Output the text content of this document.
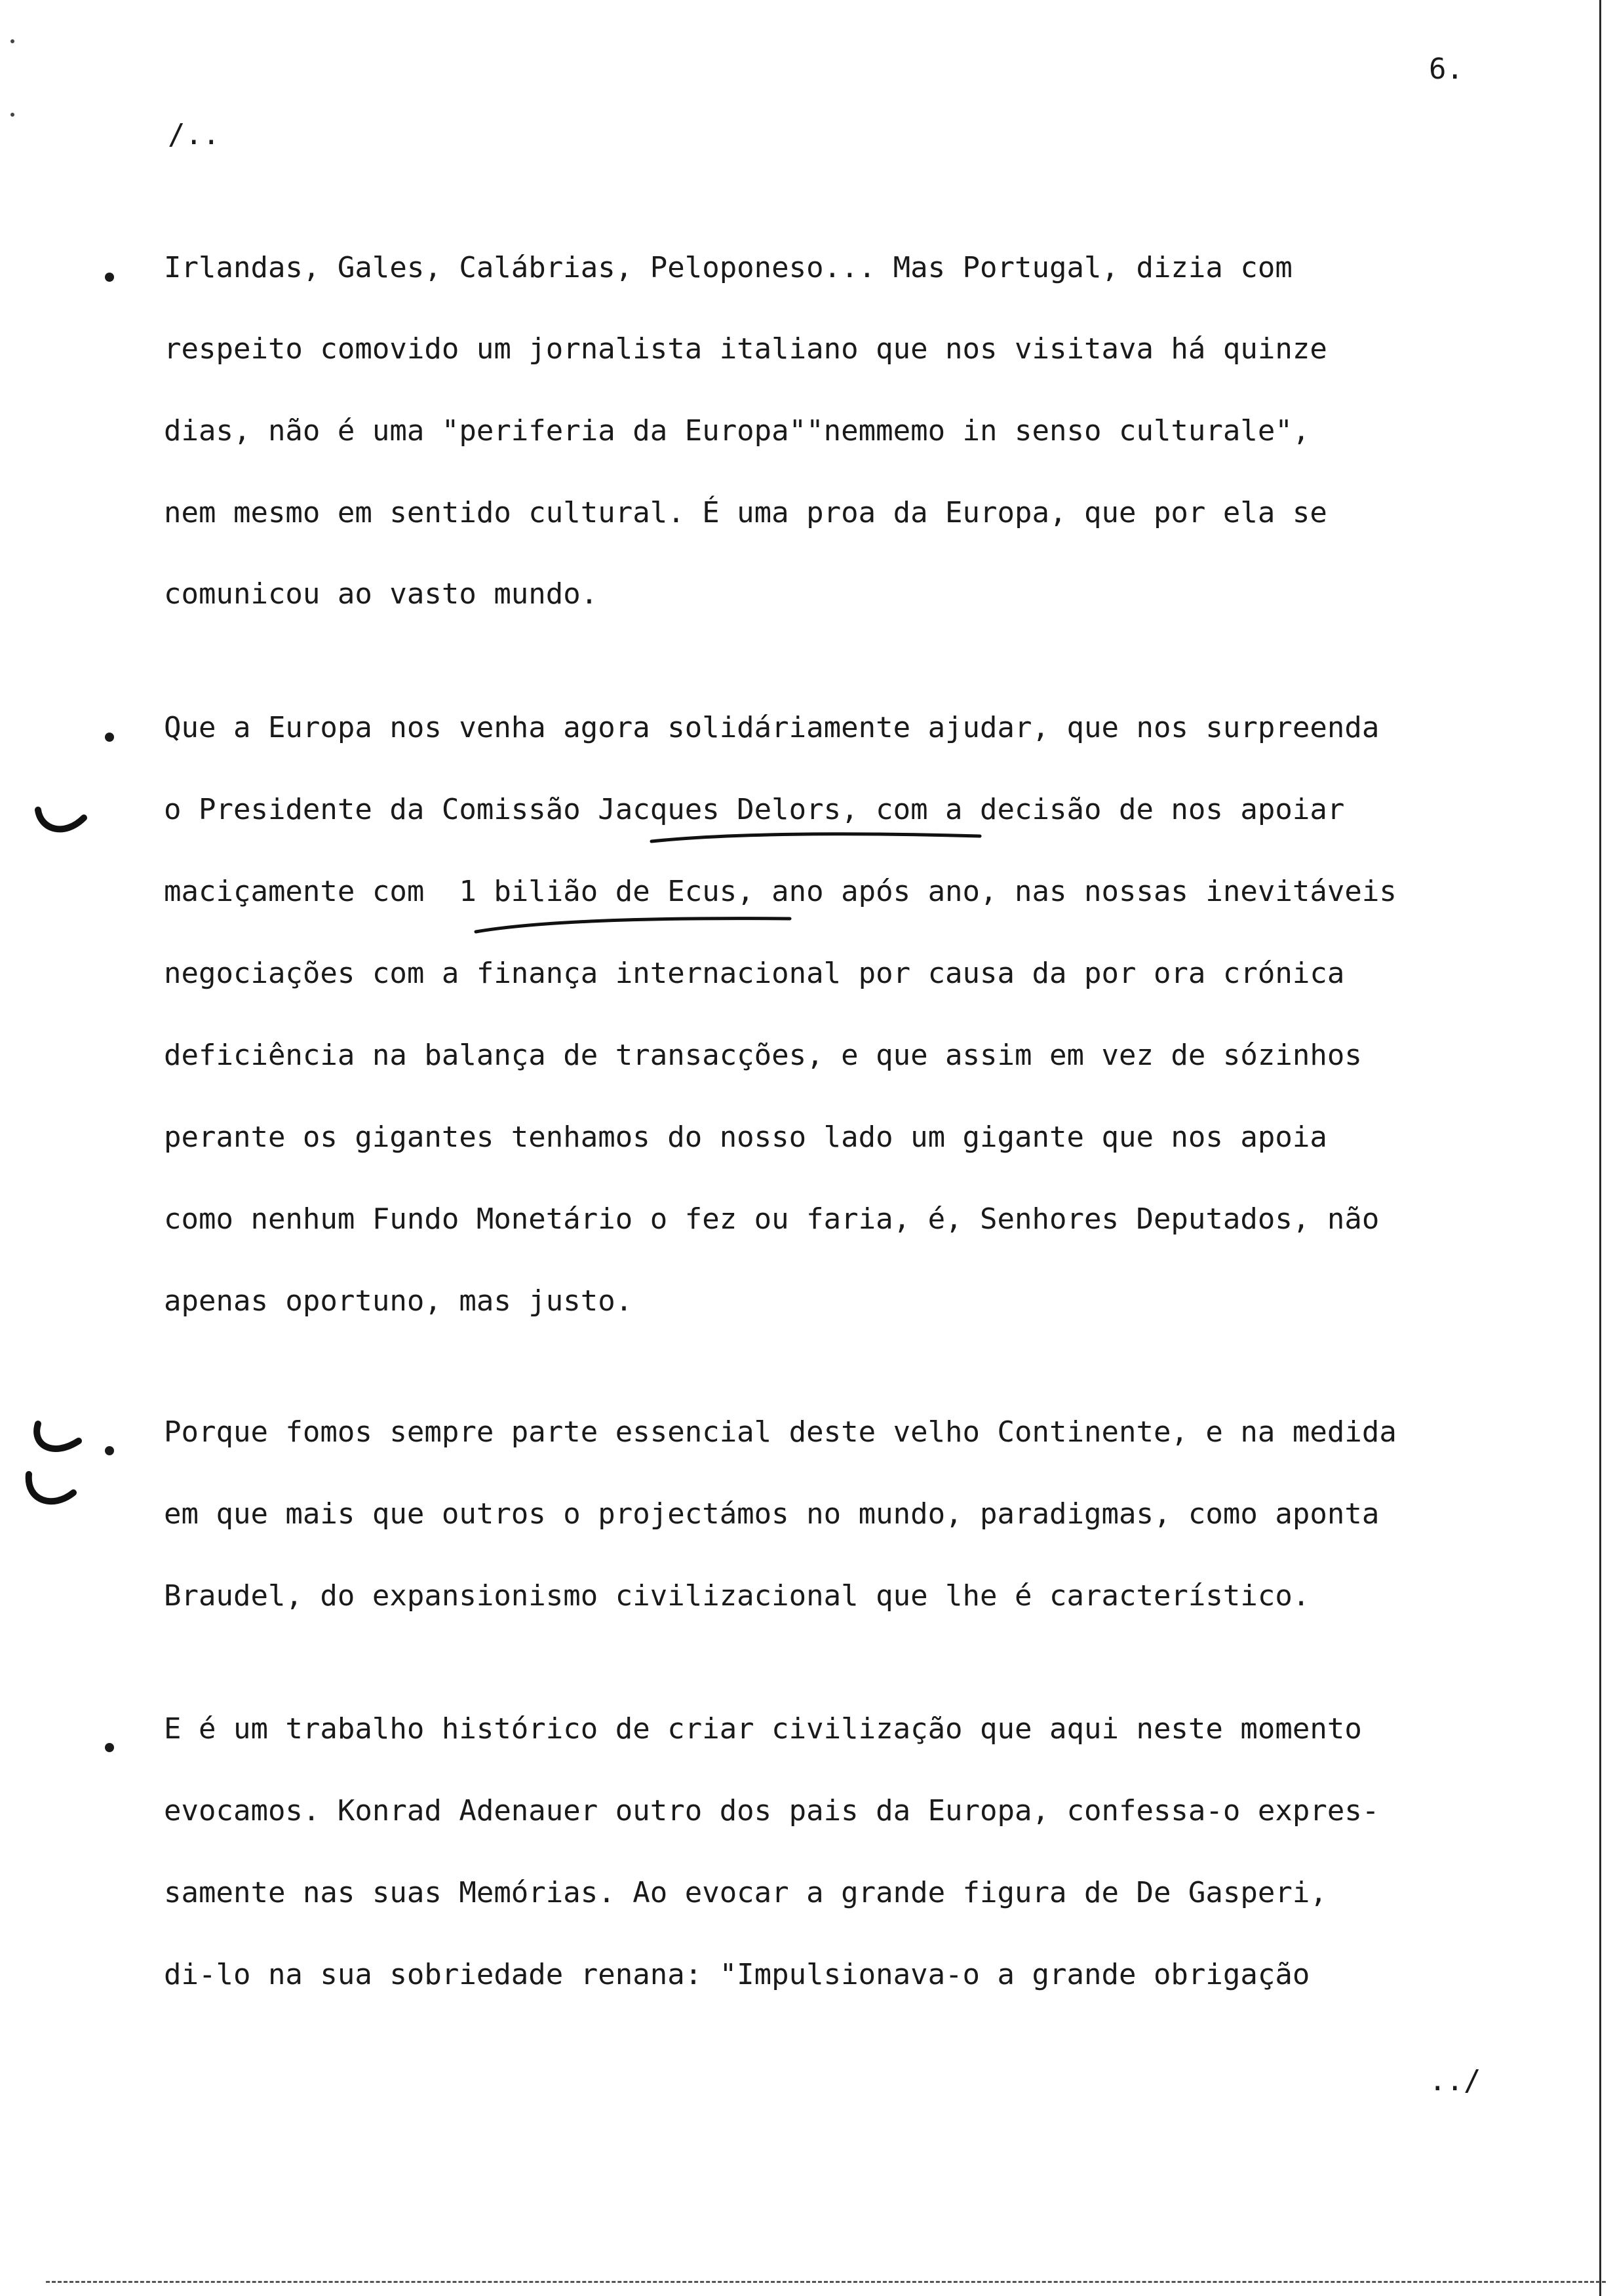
6.
/..
../
Irlandas, Gales, Calábrias, Peloponeso... Mas Portugal, dizia com
respeito comovido um jornalista italiano que nos visitava há quinze
dias, não é uma "periferia da Europa""nemmemo in senso culturale",
nem mesmo em sentido cultural. É uma proa da Europa, que por ela se
comunicou ao vasto mundo.
Que a Europa nos venha agora solidáriamente ajudar, que nos surpreenda
o Presidente da Comissão Jacques Delors, com a decisão de nos apoiar
maciçamente com  1 bilião de Ecus, ano após ano, nas nossas inevitáveis
negociações com a finança internacional por causa da por ora crónica
deficiência na balança de transacções, e que assim em vez de sózinhos
perante os gigantes tenhamos do nosso lado um gigante que nos apoia
como nenhum Fundo Monetário o fez ou faria, é, Senhores Deputados, não
apenas oportuno, mas justo.
Porque fomos sempre parte essencial deste velho Continente, e na medida
em que mais que outros o projectámos no mundo, paradigmas, como aponta
Braudel, do expansionismo civilizacional que lhe é característico.
E é um trabalho histórico de criar civilização que aqui neste momento
evocamos. Konrad Adenauer outro dos pais da Europa, confessa-o expres-
samente nas suas Memórias. Ao evocar a grande figura de De Gasperi,
di-lo na sua sobriedade renana: "Impulsionava-o a grande obrigação
